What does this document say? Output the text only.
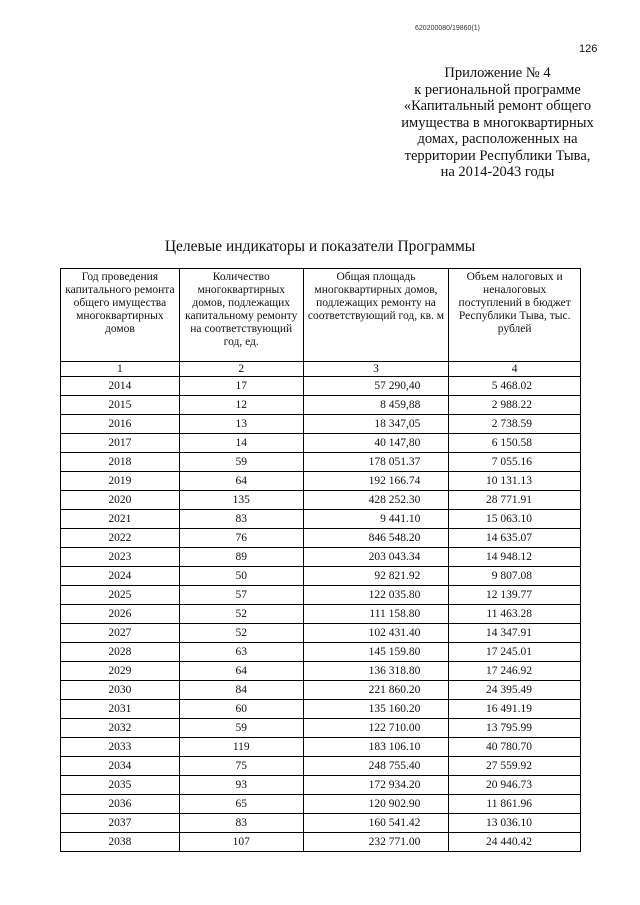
620200080/19860(1)
126
Приложение № 4
к региональной программе
«Капитальный ремонт общего
имущества в многоквартирных
домах, расположенных на
территории Республики Тыва,
на 2014-2043 годы
Целевые индикаторы и показатели Программы
Год проведения капитального ремонта общего имущества многоквартирных домов	Количество многоквартирных домов, подлежащих капитальному ремонту на соответствующий год, ед.	Общая площадь многоквартирных домов, подлежащих ремонту на соответствующий год, кв. м	Объем налоговых и неналоговых поступлений в бюджет Республики Тыва, тыс. рублей
1	2	3	4
2014	17	57 290,40	5 468.02
2015	12	8 459,88	2 988.22
2016	13	18 347,05	2 738.59
2017	14	40 147,80	6 150.58
2018	59	178 051.37	7 055.16
2019	64	192 166.74	10 131.13
2020	135	428 252.30	28 771.91
2021	83	9 441.10	15 063.10
2022	76	846 548.20	14 635.07
2023	89	203 043.34	14 948.12
2024	50	92 821.92	9 807.08
2025	57	122 035.80	12 139.77
2026	52	111 158.80	11 463.28
2027	52	102 431.40	14 347.91
2028	63	145 159.80	17 245.01
2029	64	136 318.80	17 246.92
2030	84	221 860.20	24 395.49
2031	60	135 160.20	16 491.19
2032	59	122 710.00	13 795.99
2033	119	183 106.10	40 780.70
2034	75	248 755.40	27 559.92
2035	93	172 934.20	20 946.73
2036	65	120 902.90	11 861.96
2037	83	160 541.42	13 036.10
2038	107	232 771.00	24 440.42
